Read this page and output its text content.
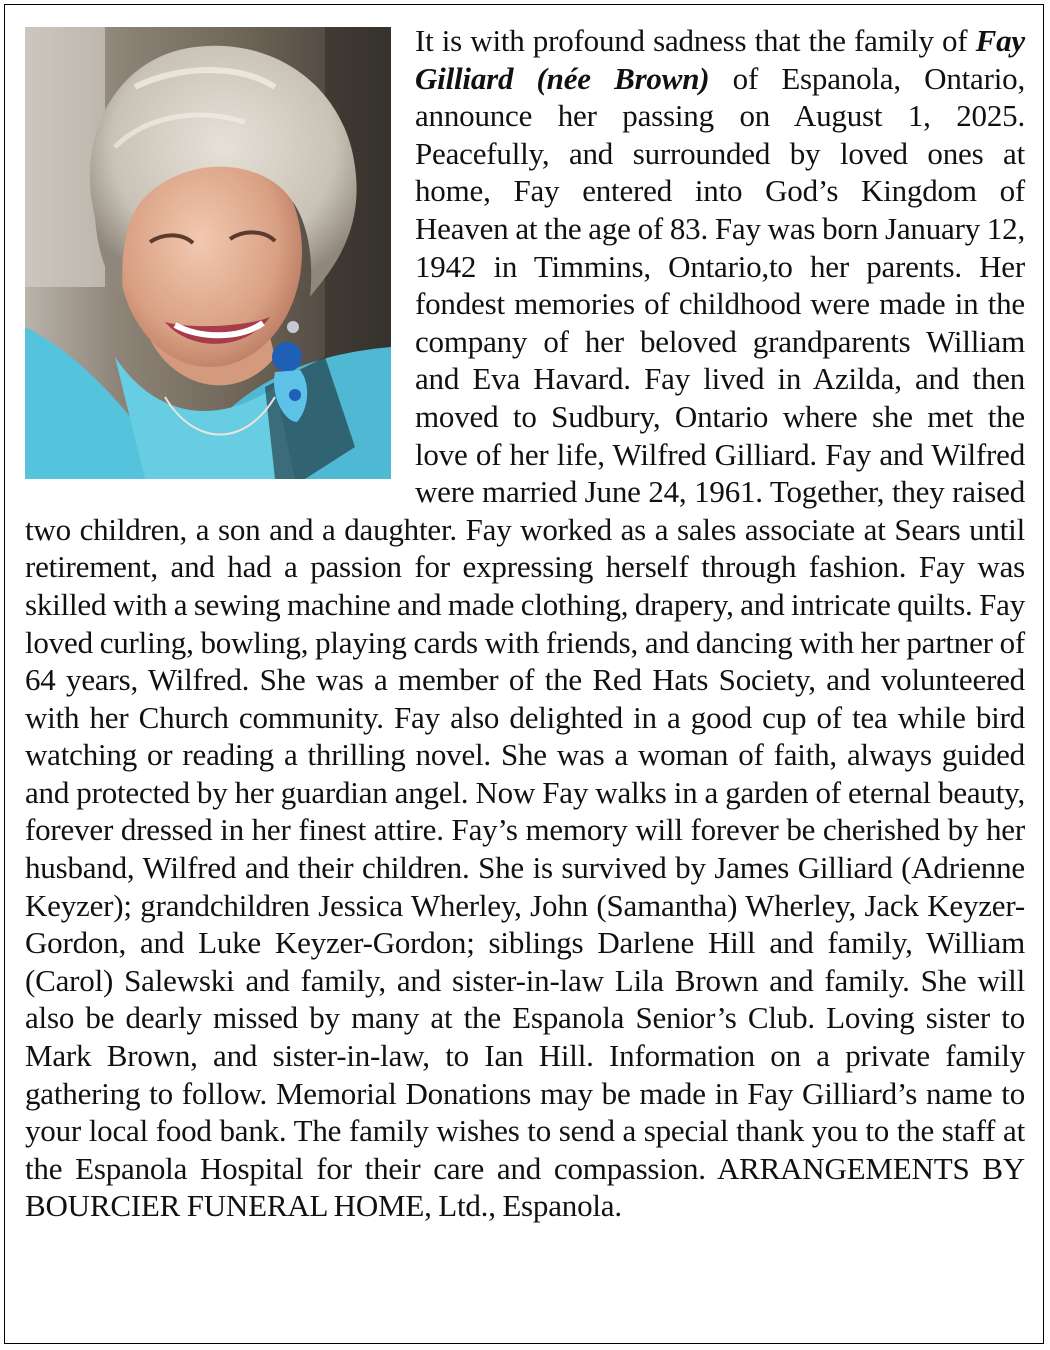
It is with profound sadness that the family of Fay Gilliard (née Brown) of Espanola, Ontario, announce her passing on August 1, 2025. Peacefully, and surrounded by loved ones at home, Fay entered into God’s Kingdom of Heaven at the age of 83. Fay was born January 12, 1942 in Timmins, Ontario,to her parents. Her fondest memories of childhood were made in the company of her beloved grandparents William and Eva Havard. Fay lived in Azilda, and then moved to Sudbury, Ontario where she met the love of her life, Wilfred Gilliard. Fay and Wilfred were married June 24, 1961. Together, they raised two children, a son and a daughter. Fay worked as a sales associate at Sears until retirement, and had a passion for expressing herself through fashion. Fay was skilled with a sewing machine and made clothing, drapery, and intricate quilts. Fay loved curling, bowling, playing cards with friends, and dancing with her partner of 64 years, Wilfred. She was a member of the Red Hats Society, and volunteered with her Church community. Fay also delighted in a good cup of tea while bird watching or reading a thrilling novel. She was a woman of faith, always guided and protected by her guardian angel. Now Fay walks in a garden of eternal beauty, forever dressed in her finest attire. Fay’s memory will forever be cherished by her husband, Wilfred and their children. She is survived by James Gilliard (Adrienne Keyzer); grandchildren Jessica Wherley, John (Samantha) Wherley, Jack Keyzer-Gordon, and Luke Keyzer-Gordon; siblings Darlene Hill and family, William (Carol) Salewski and family, and sister-in-law Lila Brown and family. She will also be dearly missed by many at the Espanola Senior’s Club. Loving sister to Mark Brown, and sister-in-law, to Ian Hill. Information on a private family gathering to follow. Memorial Donations may be made in Fay Gilliard’s name to your local food bank. The family wishes to send a special thank you to the staff at the Espanola Hospital for their care and compassion. ARRANGEMENTS BY BOURCIER FUNERAL HOME, Ltd., Espanola.
